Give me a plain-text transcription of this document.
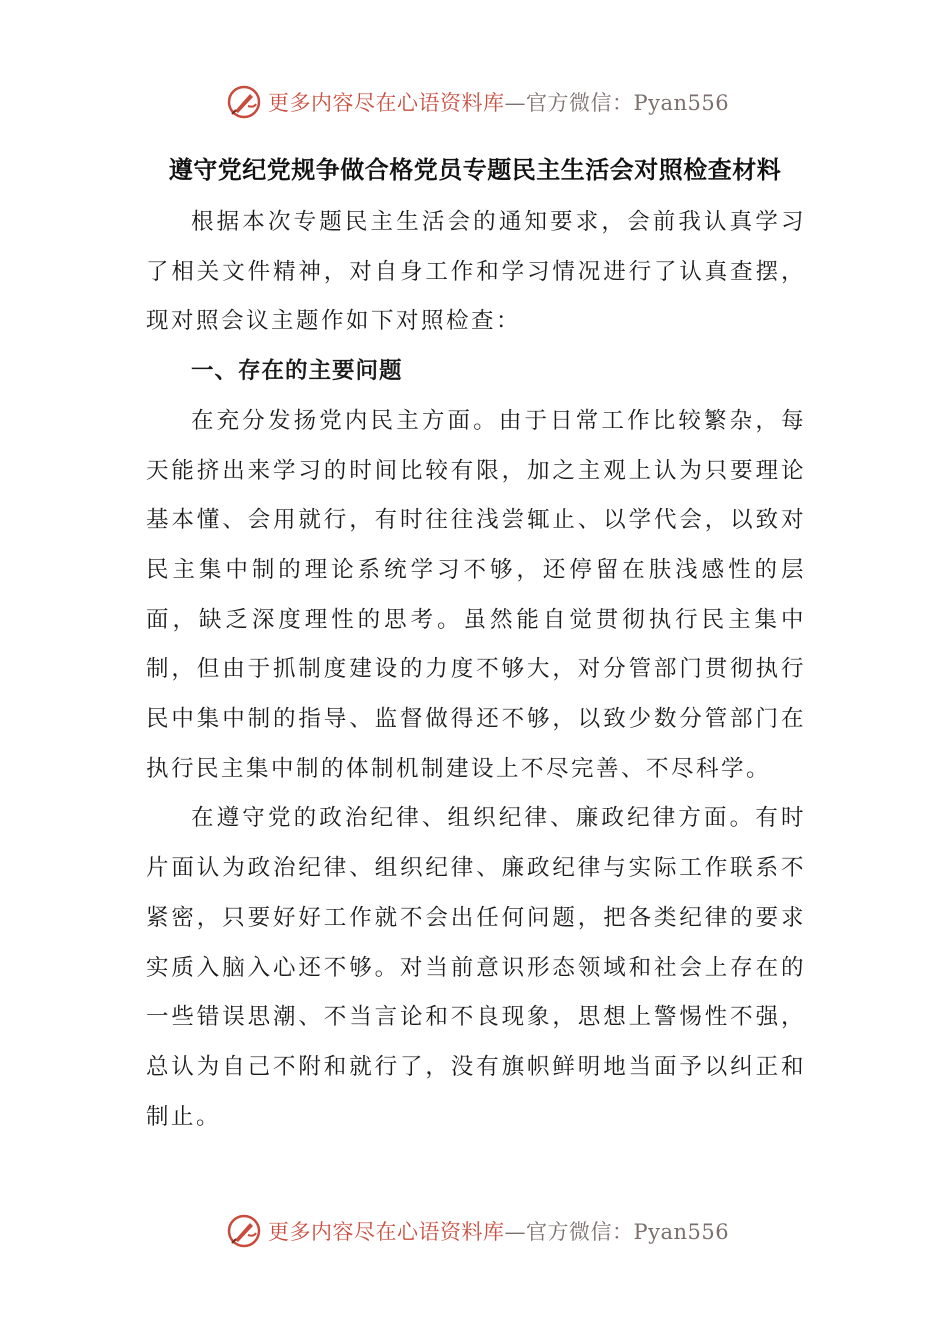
更多内容尽在心语资料库—官方微信：Pyan556
遵守党纪党规争做合格党员专题民主生活会对照检查材料

根据本次专题民主生活会的通知要求，会前我认真学习了相关文件精神，对自身工作和学习情况进行了认真查摆，现对照会议主题作如下对照检查：

一、存在的主要问题

在充分发扬党内民主方面。由于日常工作比较繁杂，每天能挤出来学习的时间比较有限，加之主观上认为只要理论基本懂、会用就行，有时往往浅尝辄止、以学代会，以致对民主集中制的理论系统学习不够，还停留在肤浅感性的层面，缺乏深度理性的思考。虽然能自觉贯彻执行民主集中制，但由于抓制度建设的力度不够大，对分管部门贯彻执行民中集中制的指导、监督做得还不够，以致少数分管部门在执行民主集中制的体制机制建设上不尽完善、不尽科学。

在遵守党的政治纪律、组织纪律、廉政纪律方面。有时片面认为政治纪律、组织纪律、廉政纪律与实际工作联系不紧密，只要好好工作就不会出任何问题，把各类纪律的要求实质入脑入心还不够。对当前意识形态领域和社会上存在的一些错误思潮、不当言论和不良现象，思想上警惕性不强，总认为自己不附和就行了，没有旗帜鲜明地当面予以纠正和制止。

更多内容尽在心语资料库—官方微信：Pyan556
